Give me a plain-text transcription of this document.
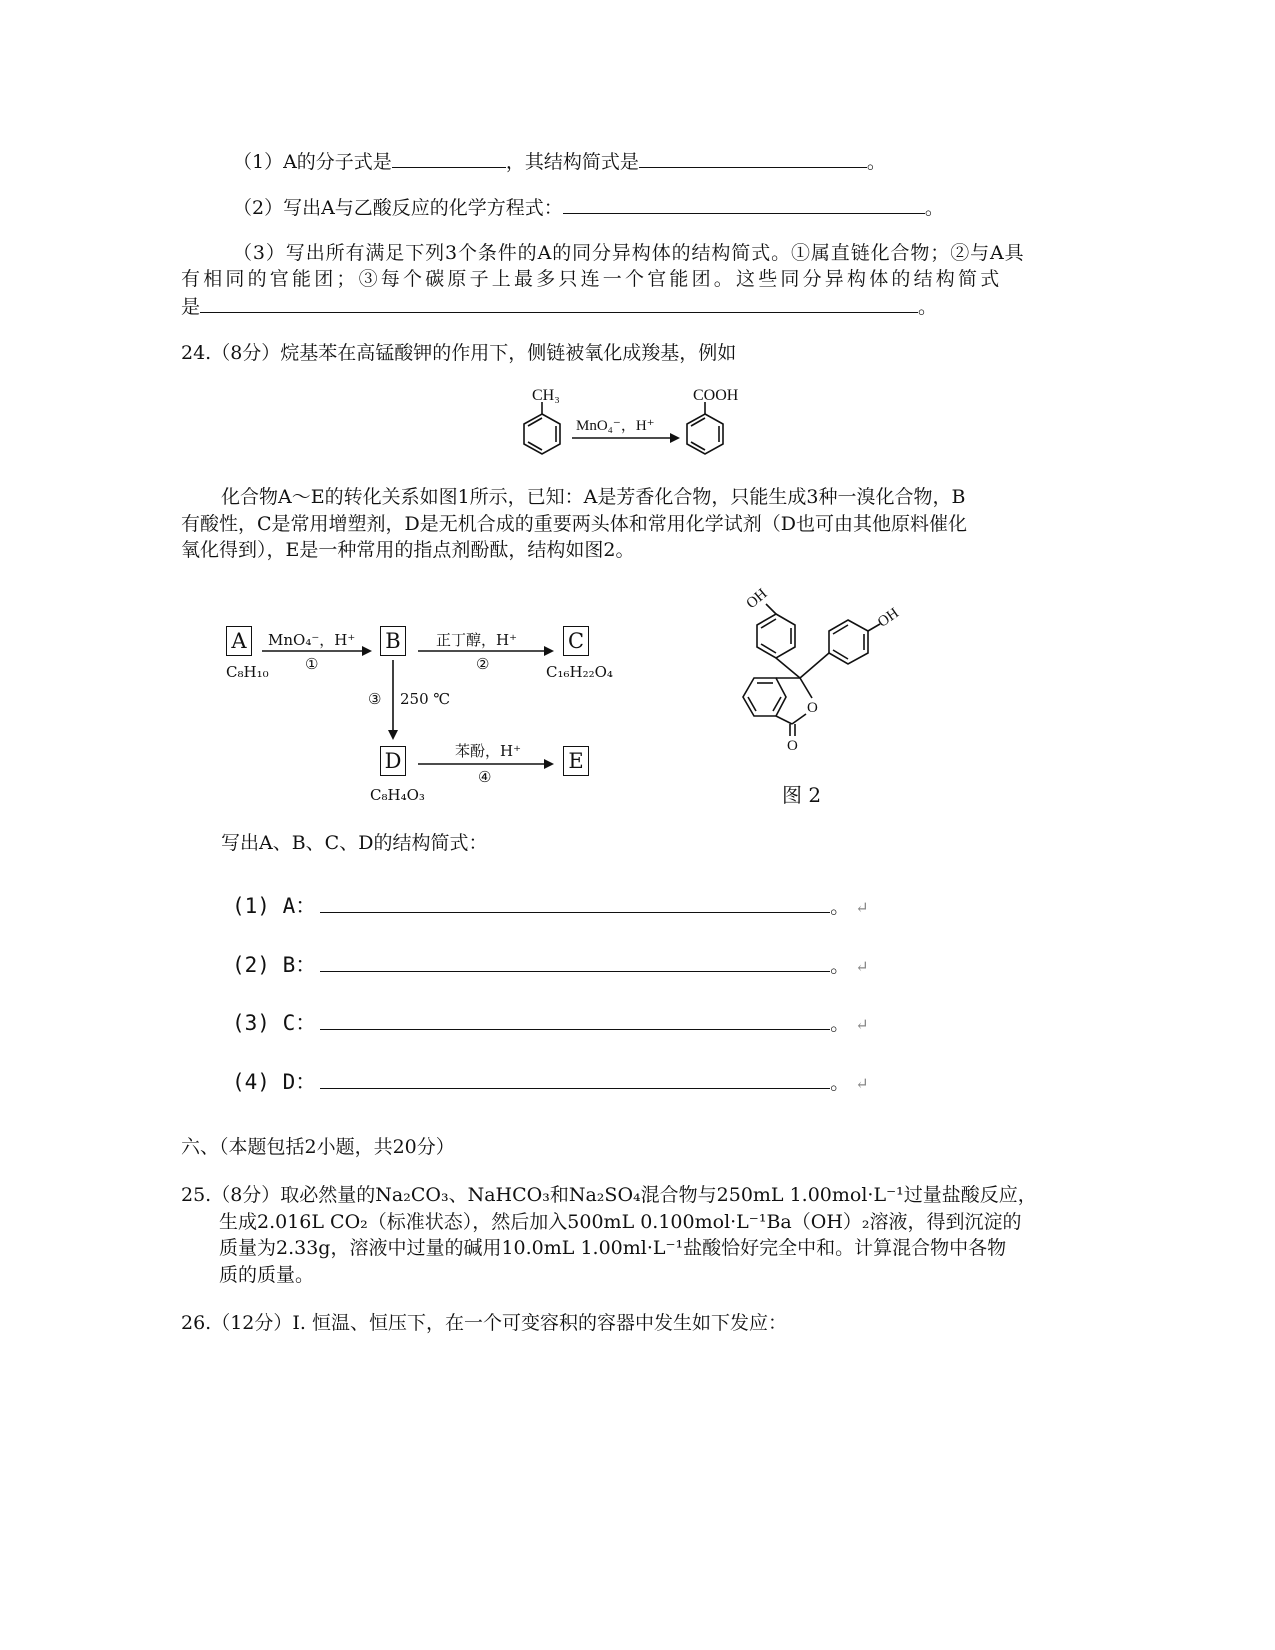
（1）A的分子式是	，其结构简式是	。
（2）写出A与乙酸反应的化学方程式：	。
（3）写出所有满足下列3个条件的A的同分异构体的结构简式。①属直链化合物；②与A具
有相同的官能团；③每个碳原子上最多只连一个官能团。这些同分异构体的结构简式
是	。
24.（8分）烷基苯在高锰酸钾的作用下，侧链被氧化成羧基，例如
CH₃
MnO₄⁻，H⁺
COOH
化合物A～E的转化关系如图1所示，已知：A是芳香化合物，只能生成3种一溴化合物，B
有酸性，C是常用增塑剂，D是无机合成的重要两头体和常用化学试剂（D也可由其他原料催化
氧化得到），E是一种常用的指点剂酚酞，结构如图2。
A
C₈H₁₀
MnO₄⁻，H⁺
①
B	正丁醇，H⁺
②
C
C₁₆H₂₂O₄
③ 250 ℃
D
C₈H₄O₃
苯酚，H⁺
④
E
OH
OH
O
O
图 2
写出A、B、C、D的结构简式：
(1) A：	。 ↵
(2) B：	。 ↵
(3) C：	。 ↵
(4) D：	。 ↵
六、（本题包括2小题，共20分）
25.（8分）取必然量的Na₂CO₃、NaHCO₃和Na₂SO₄混合物与250mL 1.00mol·L⁻¹过量盐酸反应，
生成2.016L CO₂（标准状态），然后加入500mL 0.100mol·L⁻¹Ba（OH）₂溶液，得到沉淀的
质量为2.33g，溶液中过量的碱用10.0mL 1.00ml·L⁻¹盐酸恰好完全中和。计算混合物中各物
质的质量。
26.（12分）I. 恒温、恒压下，在一个可变容积的容器中发生如下发应：
